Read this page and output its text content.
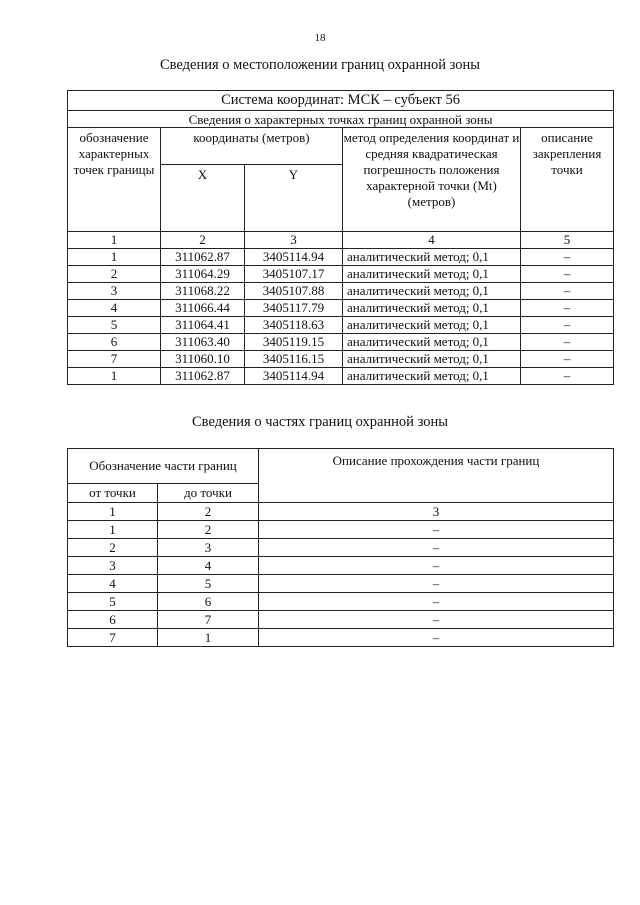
18
Сведения о местоположении границ охранной зоны
Система координат: МСК – субъект 56				
Сведения о характерных точках границ охранной зоны				
обозначение характерных точек границы	координаты (метров)		метод определения координат и средняя квадратическая погрешность положения характерной точки (Mt) (метров)	описание закрепления точки
	X	Y		
1	2	3	4	5
1	311062.87	3405114.94	аналитический метод; 0,1	–
2	311064.29	3405107.17	аналитический метод; 0,1	–
3	311068.22	3405107.88	аналитический метод; 0,1	–
4	311066.44	3405117.79	аналитический метод; 0,1	–
5	311064.41	3405118.63	аналитический метод; 0,1	–
6	311063.40	3405119.15	аналитический метод; 0,1	–
7	311060.10	3405116.15	аналитический метод; 0,1	–
1	311062.87	3405114.94	аналитический метод; 0,1	–
Сведения о частях границ охранной зоны
Обозначение части границ		Описание прохождения части границ
от точки	до точки	
1	2	3
1	2	–
2	3	–
3	4	–
4	5	–
5	6	–
6	7	–
7	1	–
